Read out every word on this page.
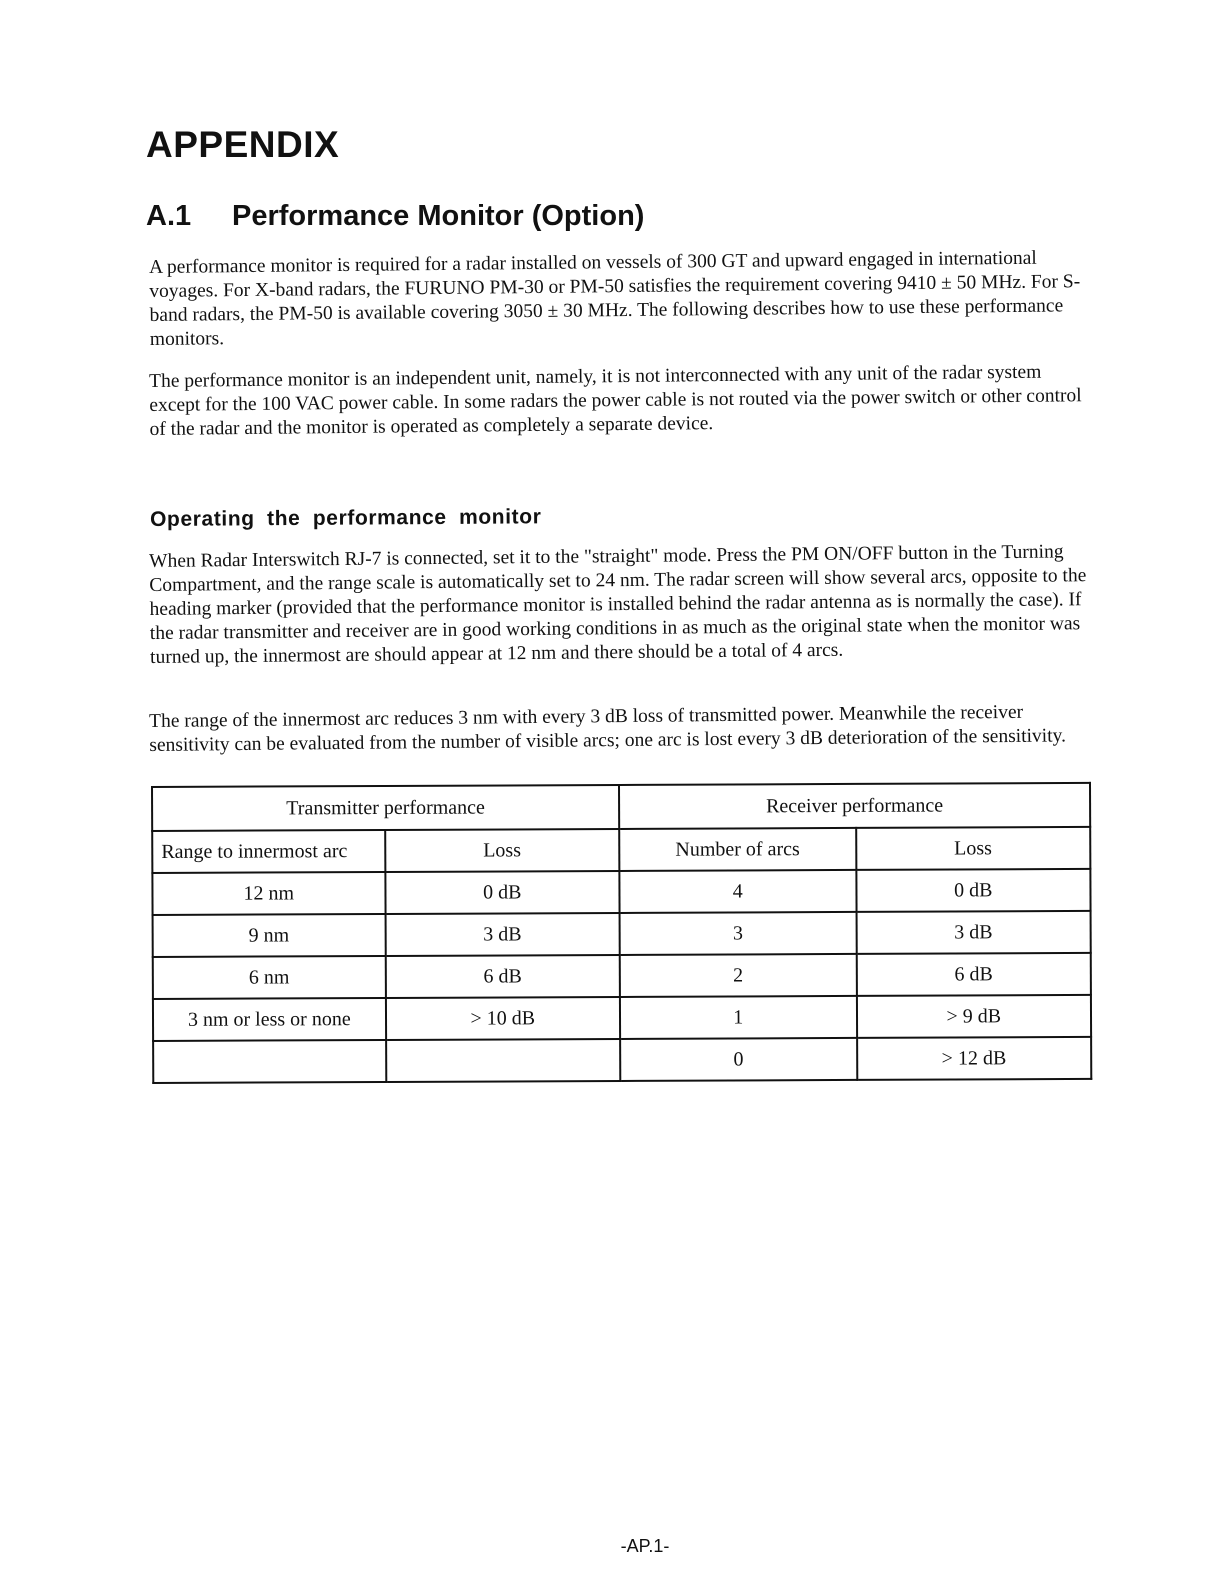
APPENDIX
A.1 Performance Monitor (Option)

A performance monitor is required for a radar installed on vessels of 300 GT and upward engaged in international voyages. For X-band radars, the FURUNO PM-30 or PM-50 satisfies the requirement covering 9410 ± 50 MHz. For S-band radars, the PM-50 is available covering 3050 ± 30 MHz. The following describes how to use these performance monitors.

The performance monitor is an independent unit, namely, it is not interconnected with any unit of the radar system except for the 100 VAC power cable. In some radars the power cable is not routed via the power switch or other control of the radar and the monitor is operated as completely a separate device.

Operating the performance monitor

When Radar Interswitch RJ-7 is connected, set it to the "straight" mode. Press the PM ON/OFF button in the Turning Compartment, and the range scale is automatically set to 24 nm. The radar screen will show several arcs, opposite to the heading marker (provided that the performance monitor is installed behind the radar antenna as is normally the case). If the radar transmitter and receiver are in good working conditions in as much as the original state when the monitor was turned up, the innermost are should appear at 12 nm and there should be a total of 4 arcs.

The range of the innermost arc reduces 3 nm with every 3 dB loss of transmitted power. Meanwhile the receiver sensitivity can be evaluated from the number of visible arcs; one arc is lost every 3 dB deterioration of the sensitivity.

Transmitter performance		Receiver performance	
Range to innermost arc	Loss	Number of arcs	Loss
12 nm	0 dB	4	0 dB
9 nm	3 dB	3	3 dB
6 nm	6 dB	2	6 dB
3 nm or less or none	> 10 dB	1	> 9 dB
		0	> 12 dB

-AP.1-
